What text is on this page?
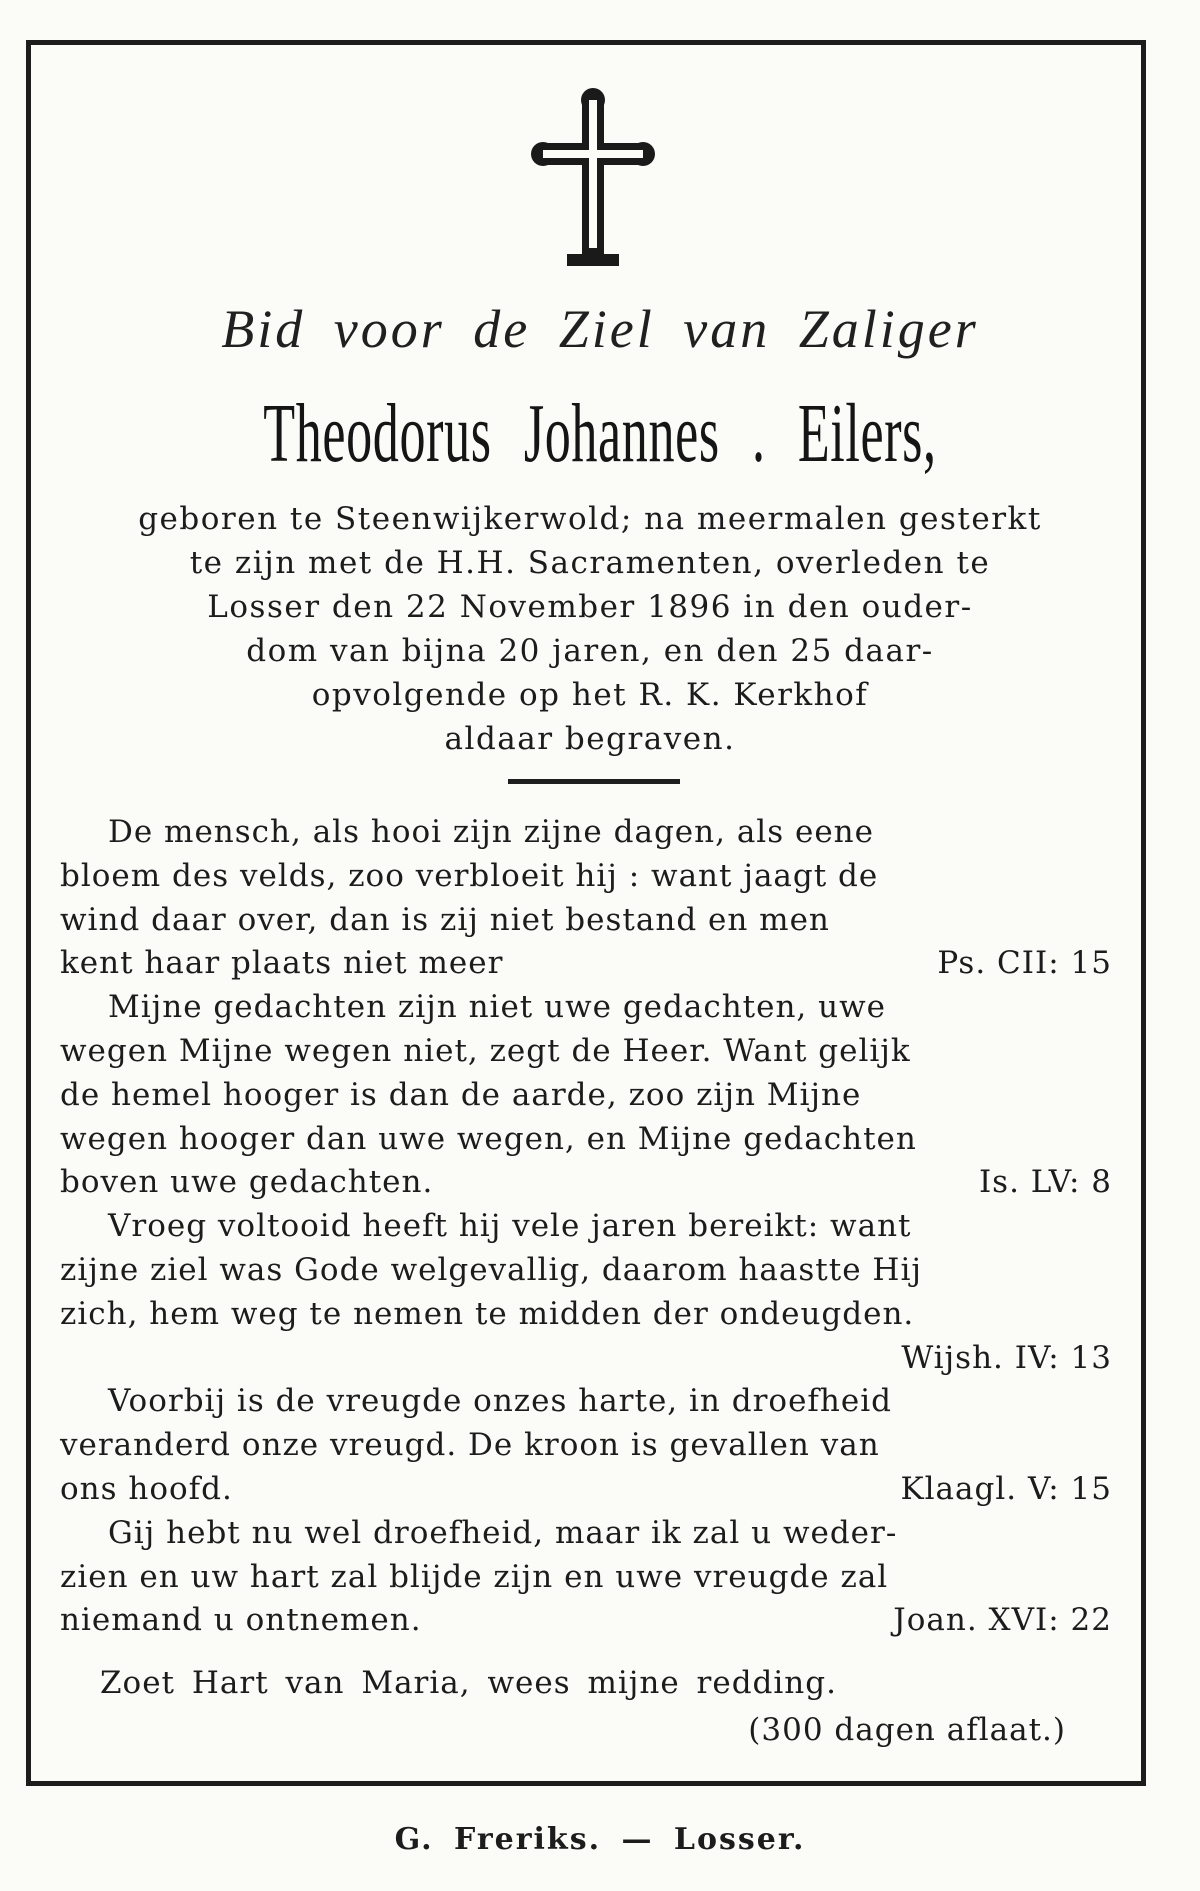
Bid voor de Ziel van Zaliger
Theodorus Johannes . Eilers,
geboren te Steenwijkerwold; na meermalen gesterkt
te zijn met de H.H. Sacramenten, overleden te
Losser den 22 November 1896 in den ouder-
dom van bijna 20 jaren, en den 25 daar-
opvolgende op het R. K. Kerkhof
aldaar begraven.
De mensch, als hooi zijn zijne dagen, als eene
bloem des velds, zoo verbloeit hij : want jaagt de
wind daar over, dan is zij niet bestand en men
kent haar plaats niet meer	Ps. CII: 15
Mijne gedachten zijn niet uwe gedachten, uwe
wegen Mijne wegen niet, zegt de Heer. Want gelijk
de hemel hooger is dan de aarde, zoo zijn Mijne
wegen hooger dan uwe wegen, en Mijne gedachten
boven uwe gedachten.	Is. LV: 8
Vroeg voltooid heeft hij vele jaren bereikt: want
zijne ziel was Gode welgevallig, daarom haastte Hij
zich, hem weg te nemen te midden der ondeugden.
Wijsh. IV: 13
Voorbij is de vreugde onzes harte, in droefheid
veranderd onze vreugd. De kroon is gevallen van
ons hoofd.	Klaagl. V: 15
Gij hebt nu wel droefheid, maar ik zal u weder-
zien en uw hart zal blijde zijn en uwe vreugde zal
niemand u ontnemen.	Joan. XVI: 22
Zoet Hart van Maria, wees mijne redding.
(300 dagen aflaat.)
G. Freriks. — Losser.
